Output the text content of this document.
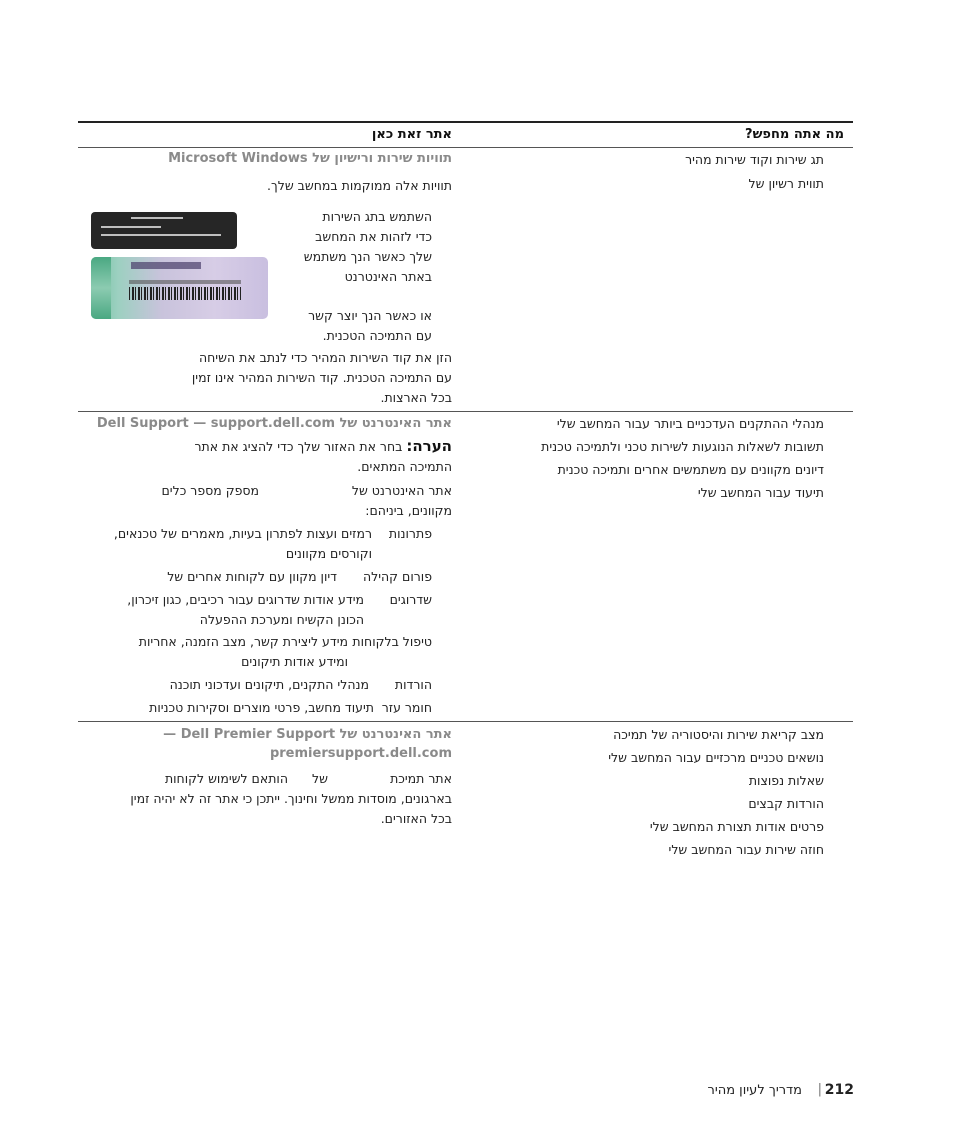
מה אתה מחפש?
אתר זאת כאן
תג שירות וקוד שירות מהיר
תווית רשיון של
תוויות שירות ורישיון של Microsoft Windows
תוויות אלה ממוקמות במחשב שלך.
השתמש בתג השירות
כדי לזהות את המחשב
שלך כאשר הנך משתמש
באתר האינטרנט
או כאשר הנך יוצר קשר
עם התמיכה הטכנית.
הזן את קוד השירות המהיר כדי לנתב את השיחה
עם התמיכה הטכנית. קוד השירות המהיר אינו זמין
בכל הארצות.
מנהלי ההתקנים העדכניים ביותר עבור המחשב שלי
תשובות לשאלות הנוגעות לשירות טכני ולתמיכה טכנית
דיונים מקוונים עם משתמשים אחרים ותמיכה טכנית
תיעוד עבור המחשב שלי
אתר האינטרנט של Dell Support — support.dell.com
הערה: בחר את האזור שלך כדי להציג את אתר
התמיכה המתאים.
אתר האינטרנט של
מספק מספר כלים
מקוונים, ביניהם:
פתרונות
רמזים ועצות לפתרון בעיות, מאמרים של טכנאים,
וקורסים מקוונים
פורום קהילה
דיון מקוון עם לקוחות אחרים של
שדרוגים
מידע אודות שדרוגים עבור רכיבים, כגון זיכרון,
הכונן הקשיח ומערכת ההפעלה
טיפול בלקוחות
מידע ליצירת קשר, מצב הזמנה, אחריות
ומידע אודות תיקונים
הורדות
מנהלי התקנים, תיקונים ועדכוני תוכנה
חומר עזר
תיעוד מחשב, פרטי מוצרים וסקירות טכניות
מצב קריאת שירות והיסטוריה של תמיכה
נושאים טכניים מרכזיים עבור המחשב שלי
שאלות נפוצות
הורדות קבצים
פרטים אודות תצורת המחשב שלי
חוזה שירות עבור המחשב שלי
אתר האינטרנט של Dell Premier Support —
premiersupport.dell.com
אתר תמיכת
של
הותאם לשימוש לקוחות
בארגונים, מוסדות ממשל וחינוך. ייתכן כי אתר זה לא יהיה זמין
בכל האזורים.
מדריך לעיון מהיר | 212
